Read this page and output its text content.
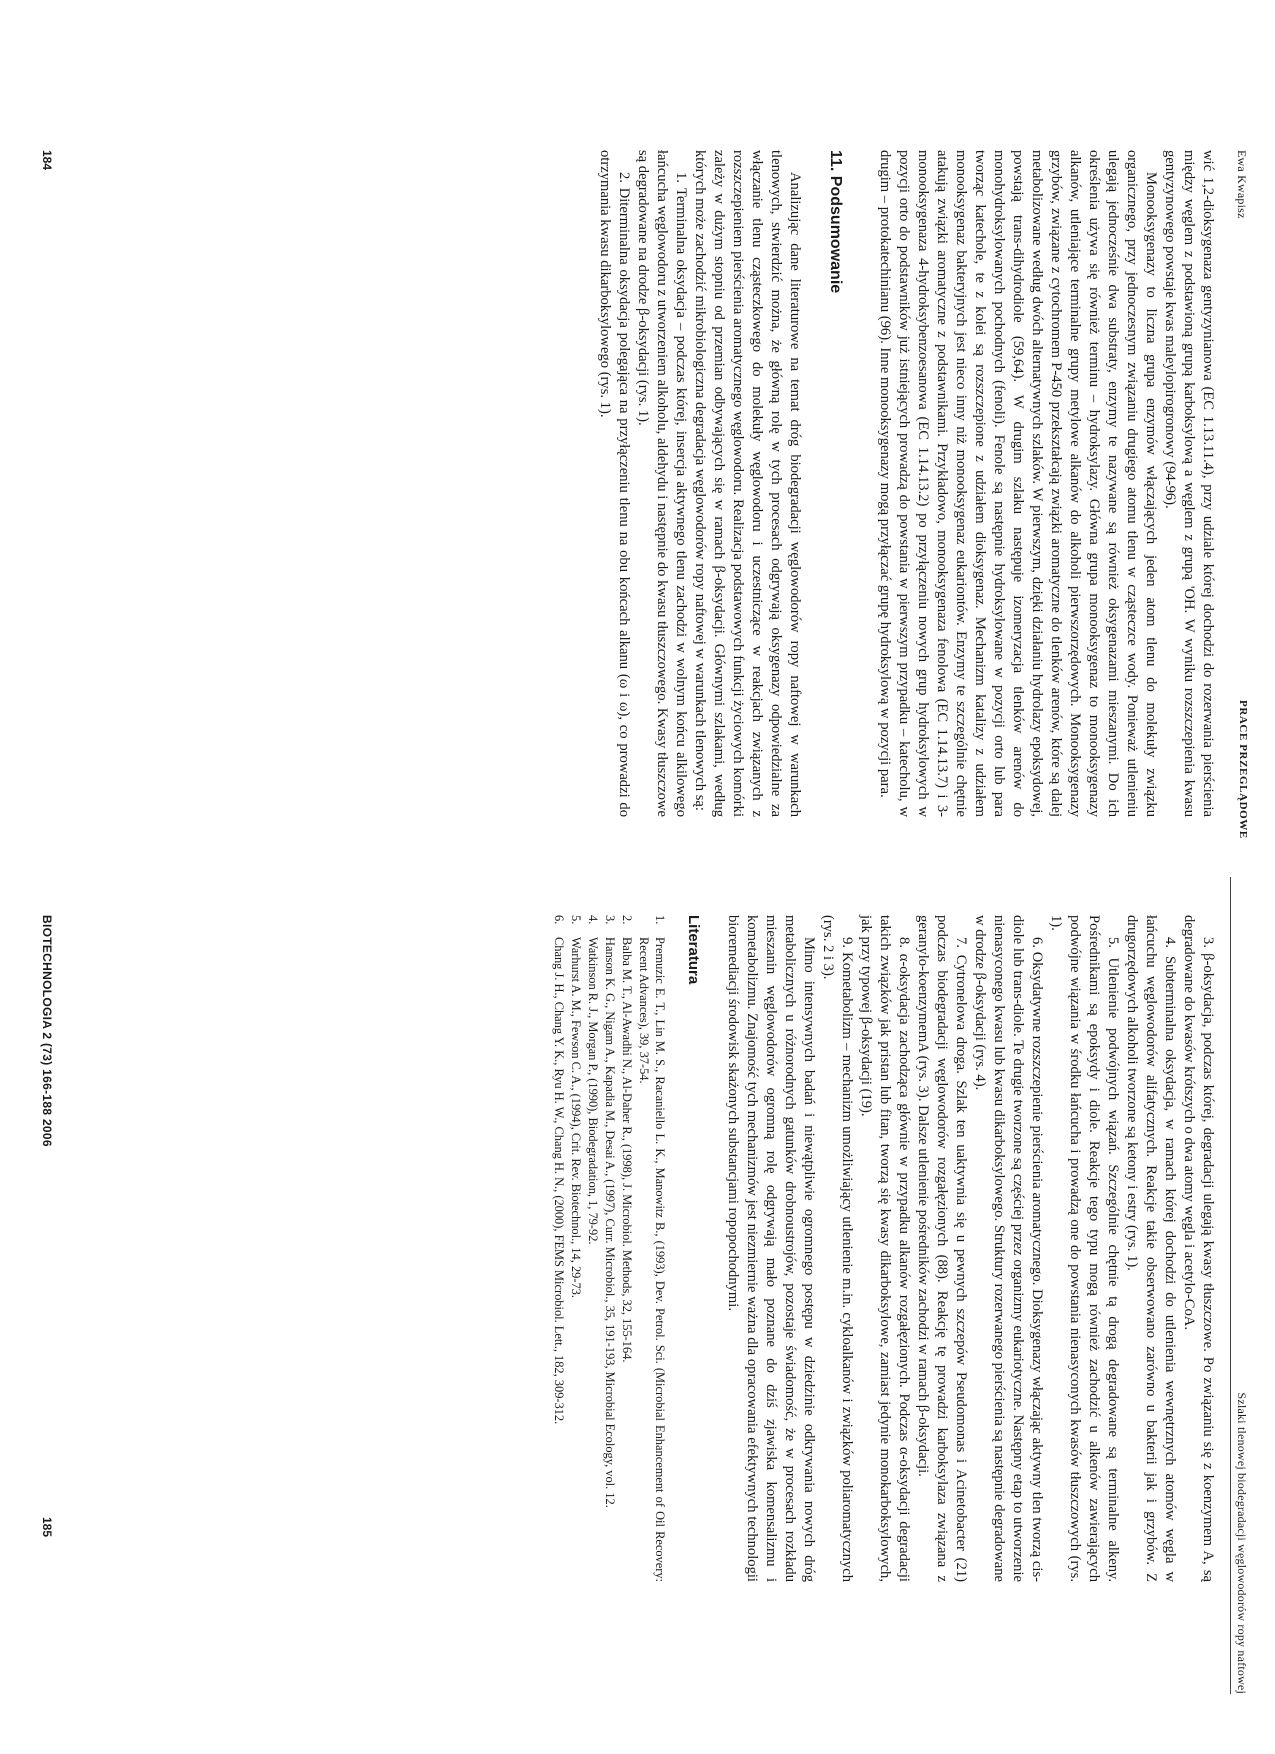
Ewa Kwapisz
PRACE PRZEGLĄDOWE

wić 1,2-dioksygenaza gentyzynianowa (EC 1.13.11.4), przy udziale której dochodzi do rozerwania pierścienia między węglem z podstawioną grupą karboksylową a węglem z grupą 'OH. W wyniku rozszczepienia kwasu gentyzynowego powstaje kwas maleylopirogronowy (94-96).

Monooksygenazy to liczna grupa enzymów włączających jeden atom tlenu do molekuły związku organicznego, przy jednoczesnym związaniu drugiego atomu tlenu w cząsteczce wody. Ponieważ utlenieniu ulegają jednocześnie dwa substraty, enzymy te nazywane są również oksygenazami mieszanymi. Do ich określenia używa się również terminu – hydroksylazy. Główna grupa monooksygenaz to monooksygenazy alkanów, utleniające terminalne grupy metylowe alkanów do alkoholi pierwszorzędowych. Monooksygenazy grzybów, związane z cytochromem P-450 przekształcają związki aromatyczne do tlenków arenów, które są dalej metabolizowane według dwóch alternatywnych szlaków. W pierwszym, dzięki działaniu hydrolazy epoksydowej, powstają trans-dihydrodiole (59,64). W drugim szlaku następuje izomeryzacja tlenków arenów do monohydroksylowanych pochodnych (fenoli). Fenole są następnie hydroksylowane w pozycji orto lub para tworząc katechole, te z kolei są rozszczepione z udziałem dioksygenaz. Mechanizm katalizy z udziałem monooksygenaz bakteryjnych jest nieco inny niż monooksygenaz eukariontów. Enzymy te szczególnie chętnie atakują związki aromatyczne z podstawnikami. Przykładowo, monooksygenaza fenolowa (EC 1.14.13.7) i 3-monooksygenaza 4-hydroksybenzoesanowa (EC 1.14.13.2) po przyłączeniu nowych grup hydroksylowych w pozycji orto do podstawników już istniejących prowadzą do powstania w pierwszym przypadku – katecholu, w drugim – protokatechinianu (96). Inne monooksygenazy mogą przyłączać grupę hydroksylową w pozycji para.

11. Podsumowanie

Analizując dane literaturowe na temat dróg biodegradacji węglowodorów ropy naftowej w warunkach tlenowych, stwierdzić można, że główną rolę w tych procesach odgrywają oksygenazy odpowiedzialne za włączanie tlenu cząsteczkowego do molekuły węglowodoru i uczestniczące w reakcjach związanych z rozszczepieniem pierścienia aromatycznego węglowodoru. Realizacja podstawowych funkcji życiowych komórki zależy w dużym stopniu od przemian odbywających się w ramach β-oksydacji. Głównymi szlakami, według których może zachodzić mikrobiologiczna degradacja węglowodorów ropy naftowej w warunkach tlenowych są:

1. Terminalna oksydacja – podczas której, insercja aktywnego tlenu zachodzi w wolnym końcu alkilowego łańcucha węglowodoru z utworzeniem alkoholu, aldehydu i następnie do kwasu tłuszczowego. Kwasy tłuszczowe są degradowane na drodze β-oksydacji (rys. 1).

2. Diterminalna oksydacja polegająca na przyłączeniu tlenu na obu końcach alkanu (ω i ω), co prowadzi do otrzymania kwasu dikarboksylowego (rys. 1).

184
Szlaki tlenowej biodegradacji węglowodorów ropy naftowej

3. β-oksydacja, podczas której, degradacji ulegają kwasy tłuszczowe. Po związaniu się z koenzymem A, są degradowane do kwasów krótszych o dwa atomy węgla i acetylo-CoA.

4. Subterminalna oksydacja, w ramach której dochodzi do utlenienia wewnętrznych atomów węgla w łańcuchu węglowodorów alifatycznych. Reakcje takie obserwowano zarówno u bakterii jak i grzybów. Z drugorzędowych alkoholi tworzone są ketony i estry (rys. 1).

5. Utlenienie podwójnych wiązań. Szczególnie chętnie tą drogą degradowane są terminalne alkeny. Pośrednikami są epoksydy i diole. Reakcje tego typu mogą również zachodzić u alkenów zawierających podwójne wiązania w środku łańcucha i prowadzą one do powstania nienasyconych kwasów tłuszczowych (rys. 1).

6. Oksydatywne rozszczepienie pierścienia aromatycznego. Dioksygenazy włączając aktywny tlen tworzą cis-diole lub trans-diole. Te drugie tworzone są częściej przez organizmy eukariotyczne. Następny etap to utworzenie nienasyconego kwasu lub kwasu dikarboksylowego. Struktury rozerwanego pierścienia są następnie degradowane w drodze β-oksydacji (rys. 4).

7. Cytronelowa droga. Szlak ten uaktywnia się u pewnych szczepów Pseudomonas i Acinetobacter (21) podczas biodegradacji węglowodorów rozgałęzionych (88). Reakcję tę prowadzi karboksylaza związana z geranylo-koenzymemA (rys. 3). Dalsze utlenienie pośredników zachodzi w ramach β-oksydacji.

8. α-oksydacja zachodząca głównie w przypadku alkanów rozgałęzionych. Podczas α-oksydacji degradacji takich związków jak pristan lub fitan, tworzą się kwasy dikarboksylowe, zamiast jedynie monokarboksylowych, jak przy typowej β-oksydacji (19).

9. Kometabolizm – mechanizm umożliwiający utlenienie m.in. cykloalkanów i związków poliaromatycznych (rys. 2 i 3).

Mimo intensywnych badań i niewątpliwie ogromnego postępu w dziedzinie odkrywania nowych dróg metabolicznych u różnorodnych gatunków drobnoustrojów, pozostaje świadomość, że w procesach rozkładu mieszanin węglowodorów ogromną rolę odgrywają mało poznane do dziś zjawiska komensalizmu i kometabolizmu. Znajomość tych mechanizmów jest niezmiernie ważna dla opracowania efektywnych technologii bioremediacji środowisk skażonych substancjami ropopochodnymi.

Literatura
1.
Premuzic E. T., Lin M. S., Racaniello L. K., Manowitz B., (1993), Dev. Petrol. Sci. (Microbial Enhancement of Oil Recovery: Recent Advances), 39, 37-54.
2.
Balba M. T., Al-Awadhi N., Al-Daher R., (1998), J. Microbiol. Methods, 32, 155-164.
3.
Hanson K. G., Nigam A., Kapadia M., Desai A., (1997), Curr. Microbiol., 35, 191-193, Microbial Ecology, vol. 12.
4.
Watkinson R. J., Morgan P., (1990), Biodegradation, 1, 79-92.
5.
Warhurst A. M., Fewson C. A., (1994), Crit. Rev. Biotechnol., 14, 29-73.
6.
Chang J. H., Chang Y. K., Ryu H. W., Chang H. N., (2000), FEMS Microbiol. Lett., 182, 309-312.
BIOTECHNOLOGIA 2 (73) 166-188 2006
185
